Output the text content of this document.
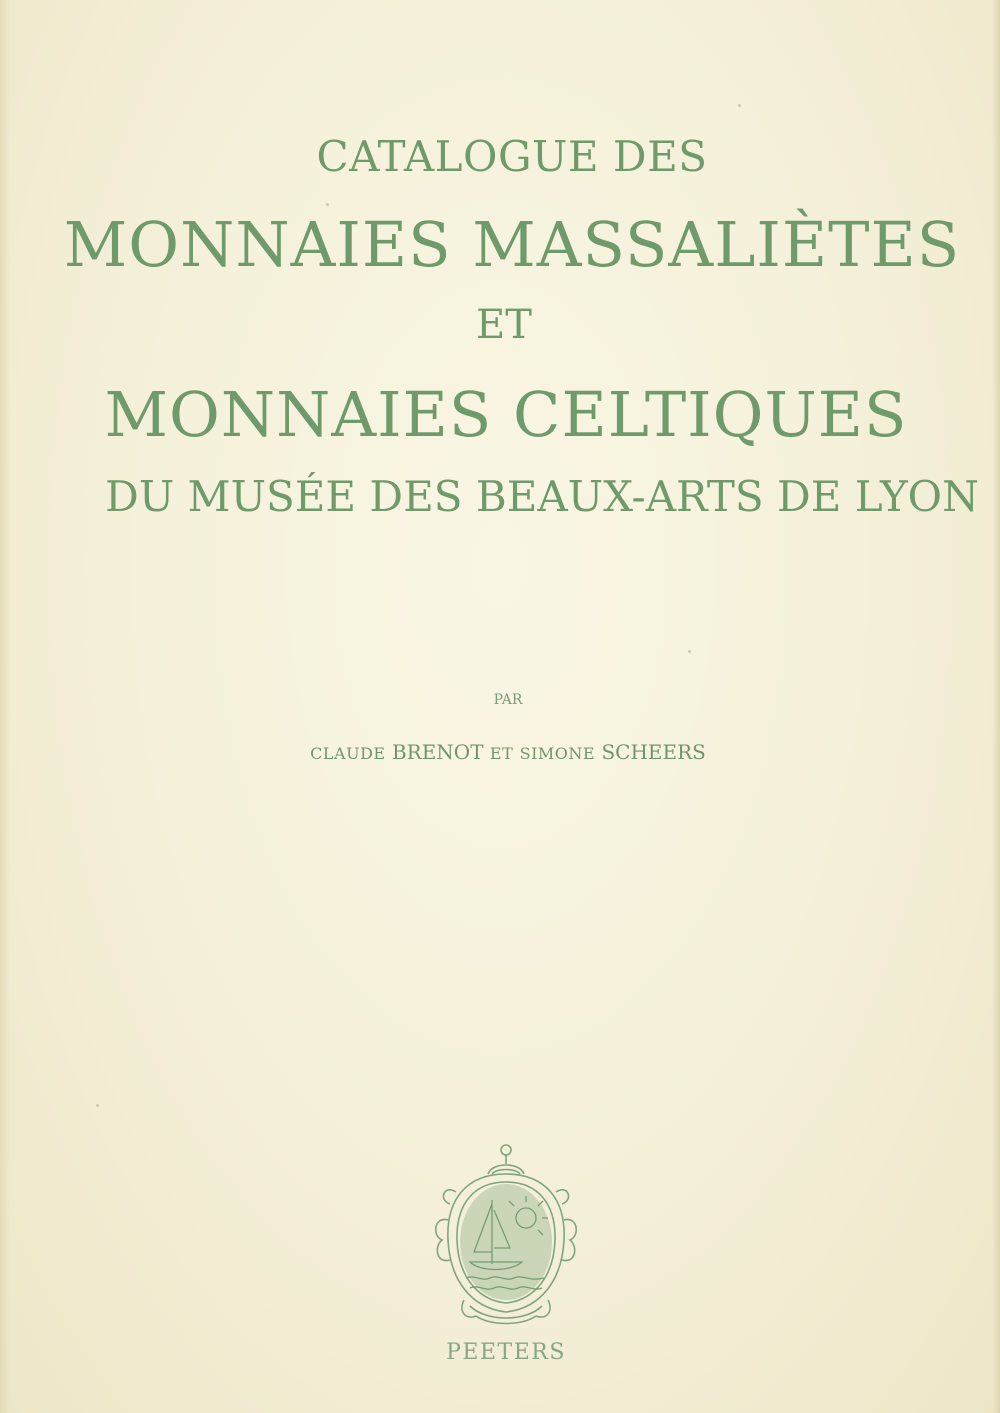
CATALOGUE DES
MONNAIES MASSALIÈTES
ET
MONNAIES CELTIQUES
DU MUSÉE DES BEAUX-ARTS DE LYON
PAR
CLAUDE BRENOT ET SIMONE SCHEERS
PEETERS
